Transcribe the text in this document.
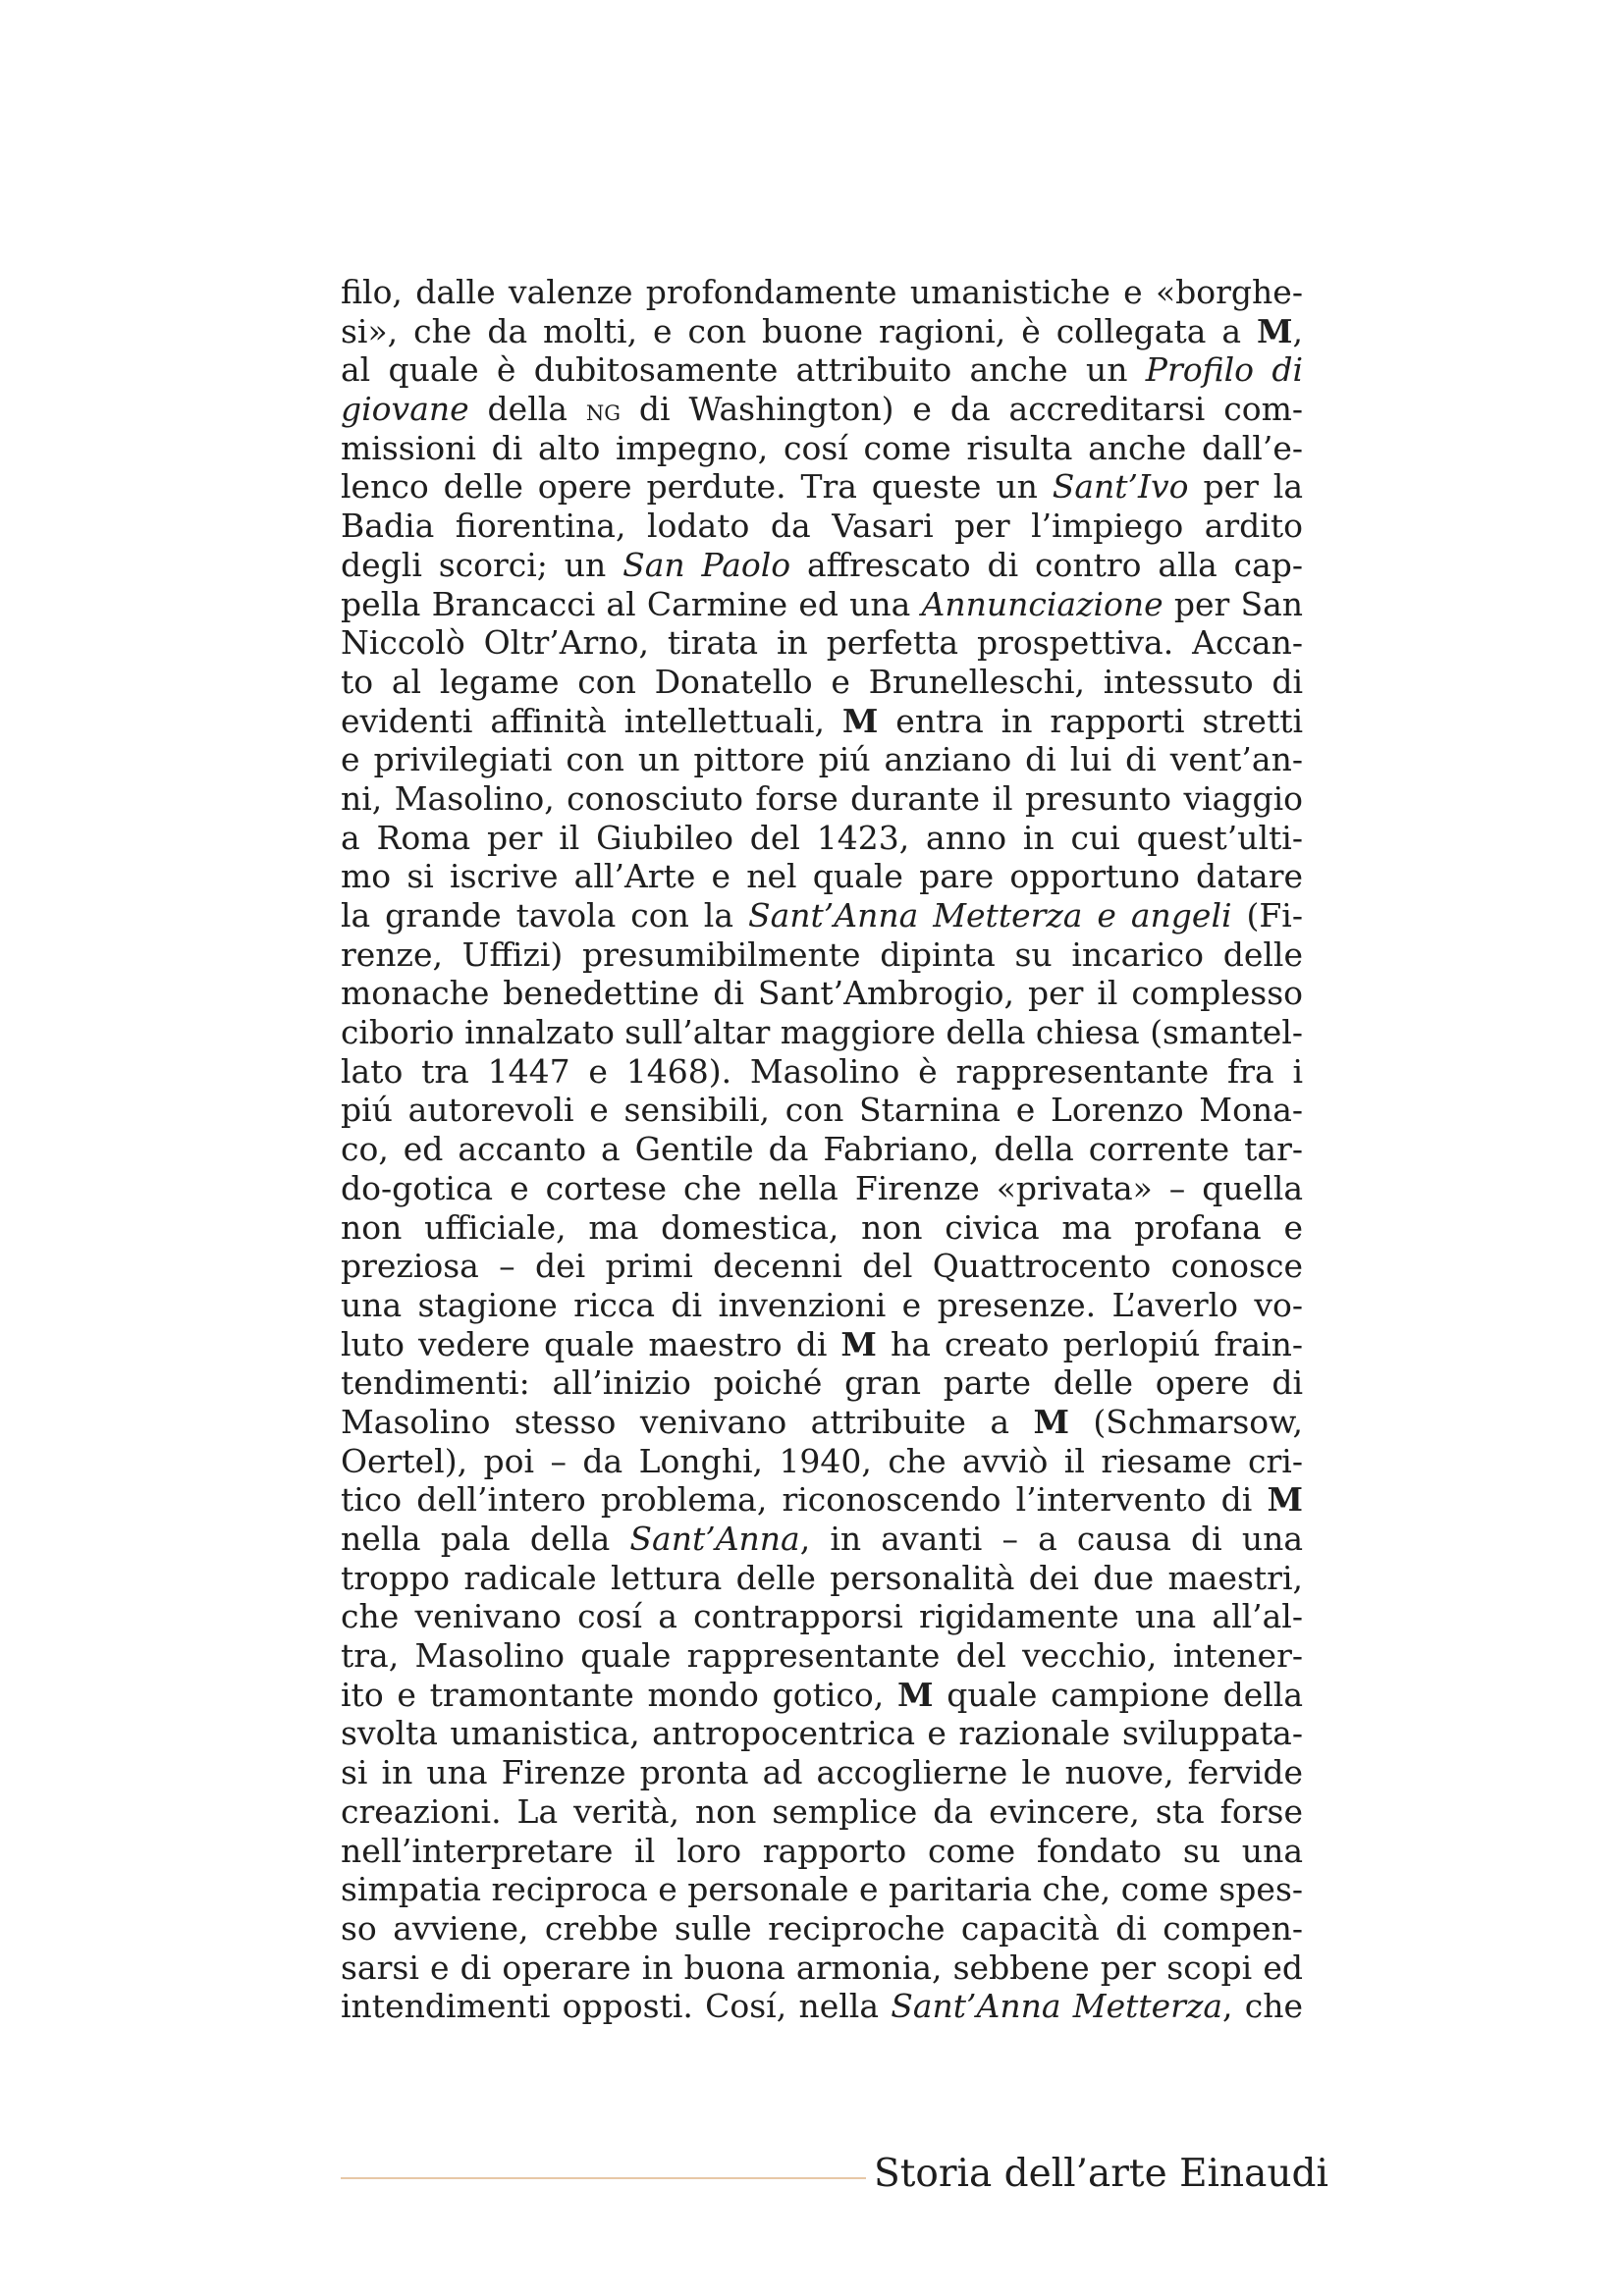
filo, dalle valenze profondamente umanistiche e «borghe-
si», che da molti, e con buone ragioni, è collegata a M,
al quale è dubitosamente attribuito anche un Profilo di
giovane della ng di Washington) e da accreditarsi com-
missioni di alto impegno, cosí come risulta anche dall’e-
lenco delle opere perdute. Tra queste un Sant’Ivo per la
Badia fiorentina, lodato da Vasari per l’impiego ardito
degli scorci; un San Paolo affrescato di contro alla cap-
pella Brancacci al Carmine ed una Annunciazione per San
Niccolò Oltr’Arno, tirata in perfetta prospettiva. Accan-
to al legame con Donatello e Brunelleschi, intessuto di
evidenti affinità intellettuali, M entra in rapporti stretti
e privilegiati con un pittore piú anziano di lui di vent’an-
ni, Masolino, conosciuto forse durante il presunto viaggio
a Roma per il Giubileo del 1423, anno in cui quest’ulti-
mo si iscrive all’Arte e nel quale pare opportuno datare
la grande tavola con la Sant’Anna Metterza e angeli (Fi-
renze, Uffizi) presumibilmente dipinta su incarico delle
monache benedettine di Sant’Ambrogio, per il complesso
ciborio innalzato sull’altar maggiore della chiesa (smantel-
lato tra 1447 e 1468). Masolino è rappresentante fra i
piú autorevoli e sensibili, con Starnina e Lorenzo Mona-
co, ed accanto a Gentile da Fabriano, della corrente tar-
do-gotica e cortese che nella Firenze «privata» – quella
non ufficiale, ma domestica, non civica ma profana e
preziosa – dei primi decenni del Quattrocento conosce
una stagione ricca di invenzioni e presenze. L’averlo vo-
luto vedere quale maestro di M ha creato perlopiú frain-
tendimenti: all’inizio poiché gran parte delle opere di
Masolino stesso venivano attribuite a M (Schmarsow,
Oertel), poi – da Longhi, 1940, che avviò il riesame cri-
tico dell’intero problema, riconoscendo l’intervento di M
nella pala della Sant’Anna, in avanti – a causa di una
troppo radicale lettura delle personalità dei due maestri,
che venivano cosí a contrapporsi rigidamente una all’al-
tra, Masolino quale rappresentante del vecchio, intener-
ito e tramontante mondo gotico, M quale campione della
svolta umanistica, antropocentrica e razionale sviluppata-
si in una Firenze pronta ad accoglierne le nuove, fervide
creazioni. La verità, non semplice da evincere, sta forse
nell’interpretare il loro rapporto come fondato su una
simpatia reciproca e personale e paritaria che, come spes-
so avviene, crebbe sulle reciproche capacità di compen-
sarsi e di operare in buona armonia, sebbene per scopi ed
intendimenti opposti. Cosí, nella Sant’Anna Metterza, che
Storia dell’arte Einaudi
